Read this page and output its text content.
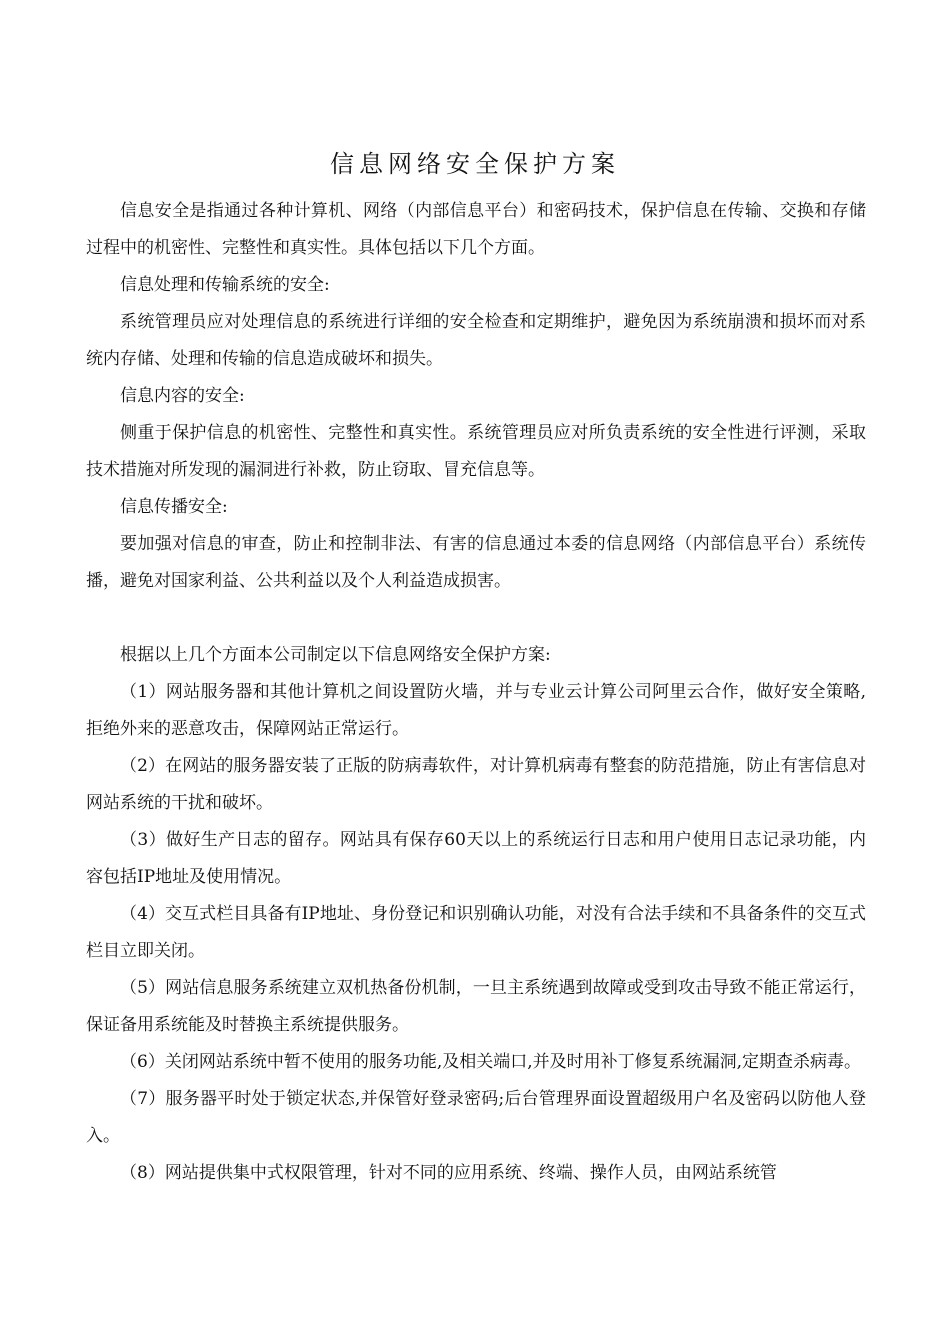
信息网络安全保护方案

信息安全是指通过各种计算机、网络（内部信息平台）和密码技术，保护信息在传输、交换和存储过程中的机密性、完整性和真实性。具体包括以下几个方面。

信息处理和传输系统的安全:

系统管理员应对处理信息的系统进行详细的安全检查和定期维护，避免因为系统崩溃和损坏而对系统内存储、处理和传输的信息造成破坏和损失。

信息内容的安全:

侧重于保护信息的机密性、完整性和真实性。系统管理员应对所负责系统的安全性进行评测，采取技术措施对所发现的漏洞进行补救，防止窃取、冒充信息等。

信息传播安全:

要加强对信息的审查，防止和控制非法、有害的信息通过本委的信息网络（内部信息平台）系统传播，避免对国家利益、公共利益以及个人利益造成损害。

根据以上几个方面本公司制定以下信息网络安全保护方案:

（1）网站服务器和其他计算机之间设置防火墙，并与专业云计算公司阿里云合作，做好安全策略,拒绝外来的恶意攻击，保障网站正常运行。

（2）在网站的服务器安装了正版的防病毒软件，对计算机病毒有整套的防范措施，防止有害信息对网站系统的干扰和破坏。

（3）做好生产日志的留存。网站具有保存60天以上的系统运行日志和用户使用日志记录功能，内容包括IP地址及使用情况。

（4）交互式栏目具备有IP地址、身份登记和识别确认功能，对没有合法手续和不具备条件的交互式栏目立即关闭。

（5）网站信息服务系统建立双机热备份机制，一旦主系统遇到故障或受到攻击导致不能正常运行，保证备用系统能及时替换主系统提供服务。

（6）关闭网站系统中暂不使用的服务功能,及相关端口,并及时用补丁修复系统漏洞,定期查杀病毒。

（7）服务器平时处于锁定状态,并保管好登录密码;后台管理界面设置超级用户名及密码以防他人登入。

（8）网站提供集中式权限管理，针对不同的应用系统、终端、操作人员，由网站系统管
